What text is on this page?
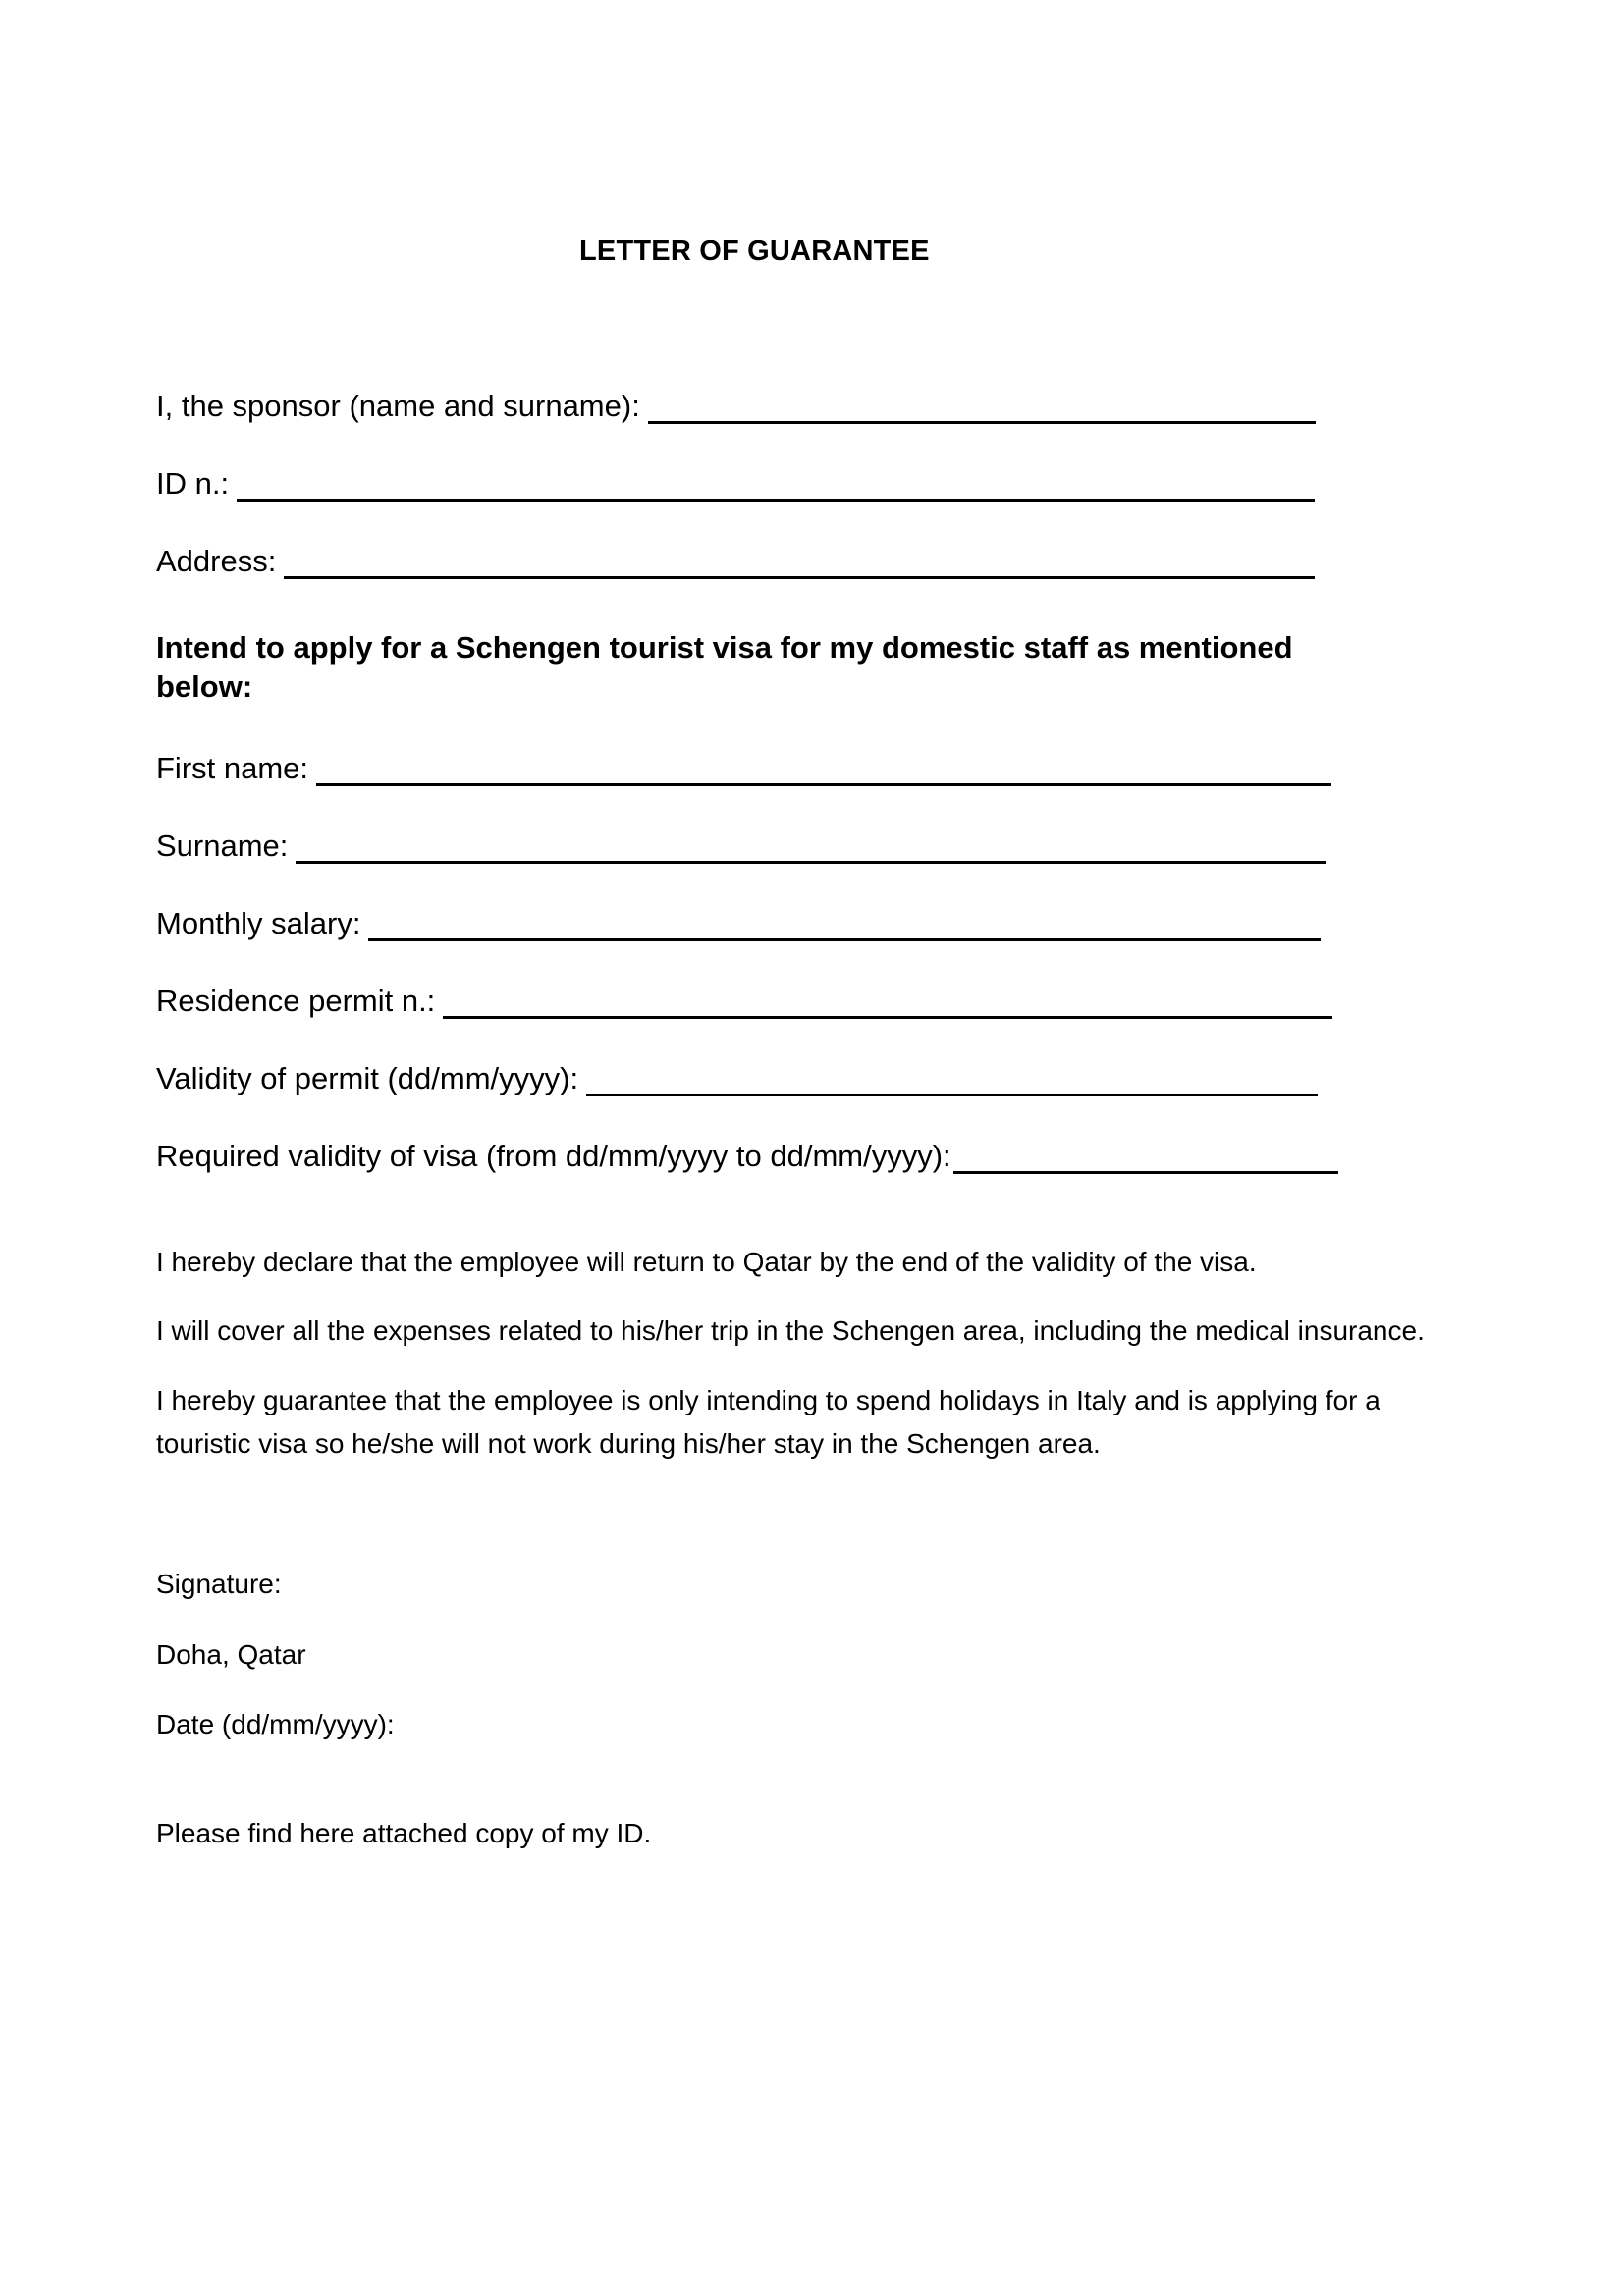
LETTER OF GUARANTEE
I, the sponsor (name and surname):
ID n.:
Address:
Intend to apply for a Schengen tourist visa for my domestic staff as mentioned below:
First name:
Surname:
Monthly salary:
Residence permit n.:
Validity of permit (dd/mm/yyyy):
Required validity of visa (from dd/mm/yyyy to dd/mm/yyyy):
I hereby declare that the employee will return to Qatar by the end of the validity of the visa.
I will cover all the expenses related to his/her trip in the Schengen area, including the medical insurance.
I hereby guarantee that the employee is only intending to spend holidays in Italy and is applying for a touristic visa so he/she will not work during his/her stay in the Schengen area.
Signature:
Doha, Qatar
Date (dd/mm/yyyy):
Please find here attached copy of my ID.
